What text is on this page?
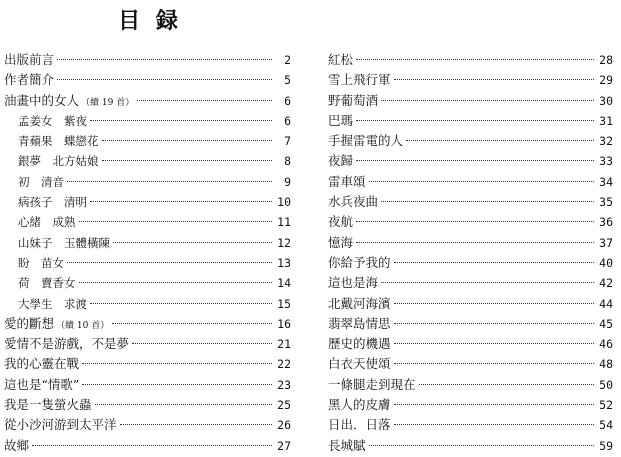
目 録
出版前言	2
作者簡介	5
油畫中的女人 （續 19 首）	6
孟姜女　紫夜	6
青蘋果　蝶戀花	7
銀夢　北方姑娘	8
初　清音	9
病孩子　清明	10
心緒　成熟	11
山妹子　玉體橫陳	12
盼　苗女	13
荷　賣香女	14
大學生　求渡	15
愛的斷想 （續 10 首）	16
愛情不是游戲，不是夢	21
我的心靈在戰	22
這也是“情歌”	23
我是一隻螢火蟲	25
從小沙河游到太平洋	26
故鄉	27
紅松	28
雪上飛行軍	29
野葡萄酒	30
巴瑪	31
手握雷電的人	32
夜歸	33
雷車頌	34
水兵夜曲	35
夜航	36
憶海	37
你給予我的	40
這也是海	42
北戴河海濱	44
翡翠島情思	45
歷史的機遇	46
白衣天使頌	48
一條腿走到現在	50
黑人的皮膚	52
日出．日落	54
長城賦	59
